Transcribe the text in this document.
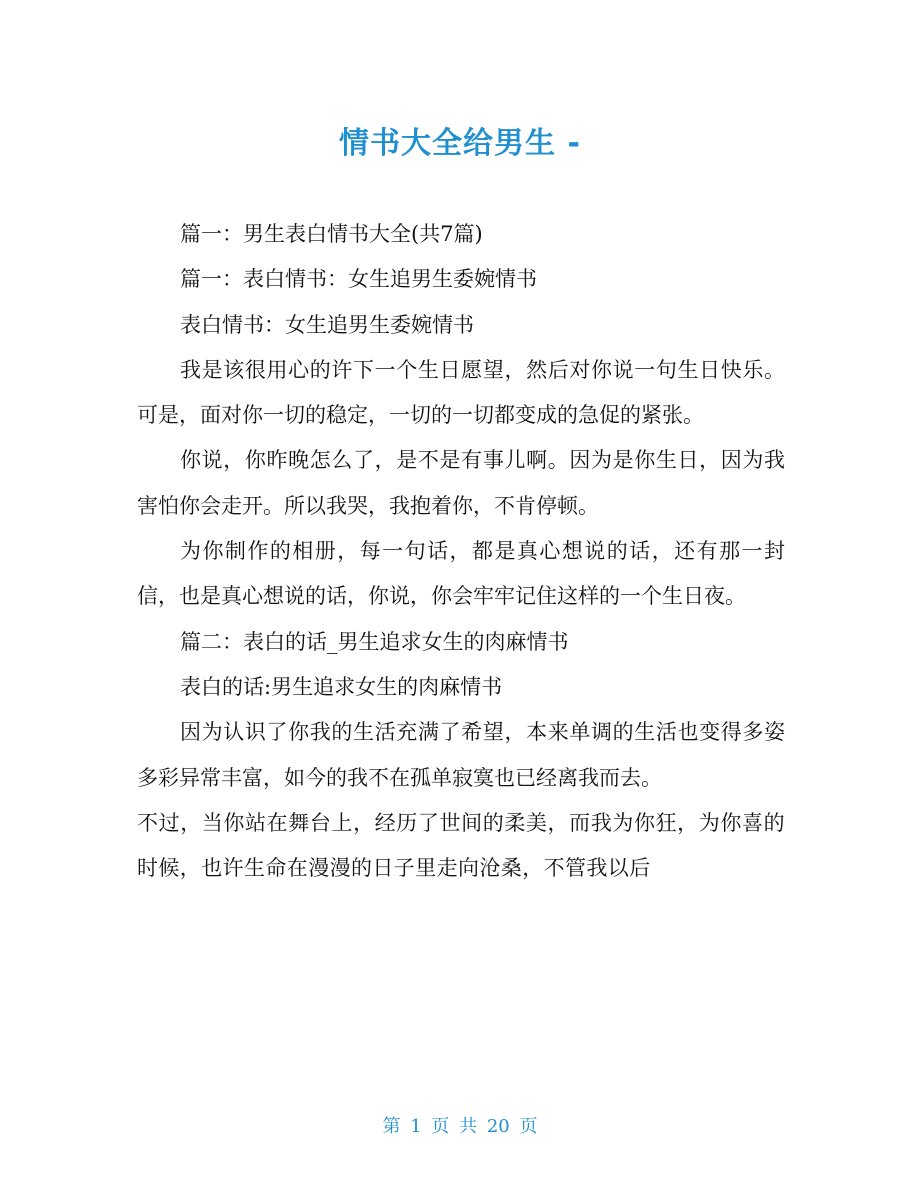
情书大全给男生 -

篇一：男生表白情书大全(共7篇)

篇一：表白情书：女生追男生委婉情书

表白情书：女生追男生委婉情书

我是该很用心的许下一个生日愿望，然后对你说一句生日快乐。可是，面对你一切的稳定，一切的一切都变成的急促的紧张。

你说，你昨晚怎么了，是不是有事儿啊。因为是你生日，因为我害怕你会走开。所以我哭，我抱着你，不肯停顿。

为你制作的相册，每一句话，都是真心想说的话，还有那一封信，也是真心想说的话，你说，你会牢牢记住这样的一个生日夜。

篇二：表白的话_男生追求女生的肉麻情书

表白的话:男生追求女生的肉麻情书

因为认识了你我的生活充满了希望，本来单调的生活也变得多姿多彩异常丰富，如今的我不在孤单寂寞也已经离我而去。

不过，当你站在舞台上，经历了世间的柔美，而我为你狂，为你喜的时候，也许生命在漫漫的日子里走向沧桑，不管我以后

第 1 页 共 20 页
